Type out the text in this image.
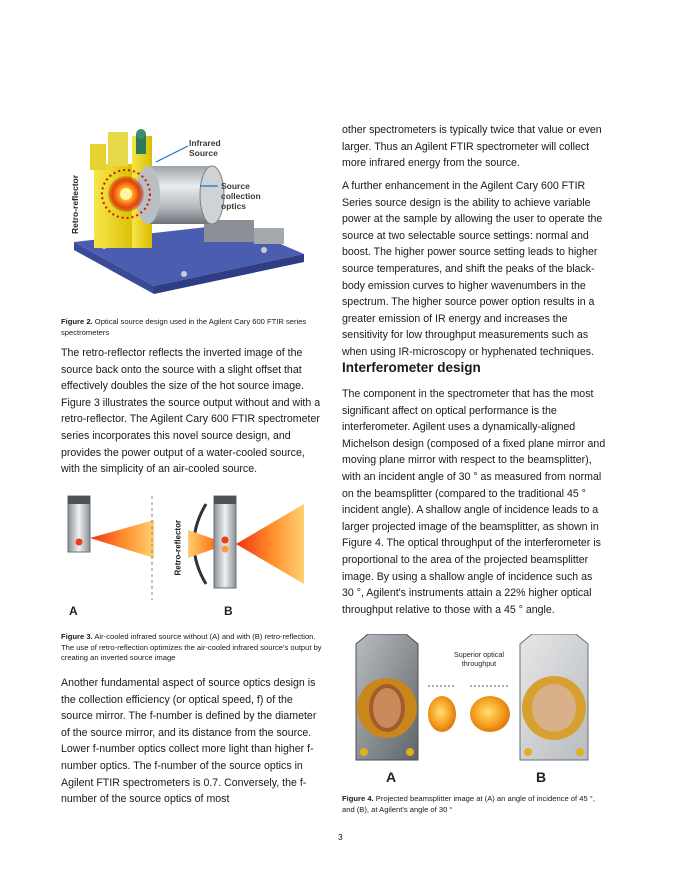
Infrared Source
Source collection optics
Retro-reflector

Figure 2. Optical source design used in the Agilent Cary 600 FTIR series spectrometers

The retro-reflector reflects the inverted image of the source back onto the source with a slight offset that effectively doubles the size of the hot source image. Figure 3 illustrates the source output without and with a retro-reflector. The Agilent Cary 600 FTIR spectrometer series incorporates this novel source design, and provides the power output of a water-cooled source, with the simplicity of an air-cooled source.

A	B
Retro-reflector

Figure 3. Air-cooled infrared source without (A) and with (B) retro-reflection. The use of retro-reflection optimizes the air-cooled infrared source's output by creating an inverted source image

Another fundamental aspect of source optics design is the collection efficiency (or optical speed, f) of the source mirror. The f-number is defined by the diameter of the source mirror, and its distance from the source. Lower f-number optics collect more light than higher f-number optics. The f-number of the source optics in Agilent FTIR spectrometers is 0.7. Conversely, the f-number of the source optics of most

other spectrometers is typically twice that value or even larger. Thus an Agilent FTIR spectrometer will collect more infrared energy from the source.

A further enhancement in the Agilent Cary 600 FTIR Series source design is the ability to achieve variable power at the sample by allowing the user to operate the source at two selectable source settings: normal and boost. The higher power source setting leads to higher source temperatures, and shift the peaks of the black-body emission curves to higher wavenumbers in the spectrum. The higher source power option results in a greater emission of IR energy and increases the sensitivity for low throughput measurements such as when using IR-microscopy or hyphenated techniques.

Interferometer design

The component in the spectrometer that has the most significant affect on optical performance is the interferometer. Agilent uses a dynamically-aligned Michelson design (composed of a fixed plane mirror and moving plane mirror with respect to the beamsplitter), with an incident angle of 30 ° as measured from normal on the beamsplitter (compared to the traditional 45 ° incident angle). A shallow angle of incidence leads to a larger projected image of the beamsplitter, as shown in Figure 4. The optical throughput of the interferometer is proportional to the area of the projected beamsplitter image. By using a shallow angle of incidence such as 30 °, Agilent's instruments attain a 22% higher optical throughput relative to those with a 45 ° angle.

Superior optical throughput
A	B

Figure 4. Projected beamsplitter image at (A) an angle of incidence of 45 °, and (B), at Agilent's angle of 30 °

3
